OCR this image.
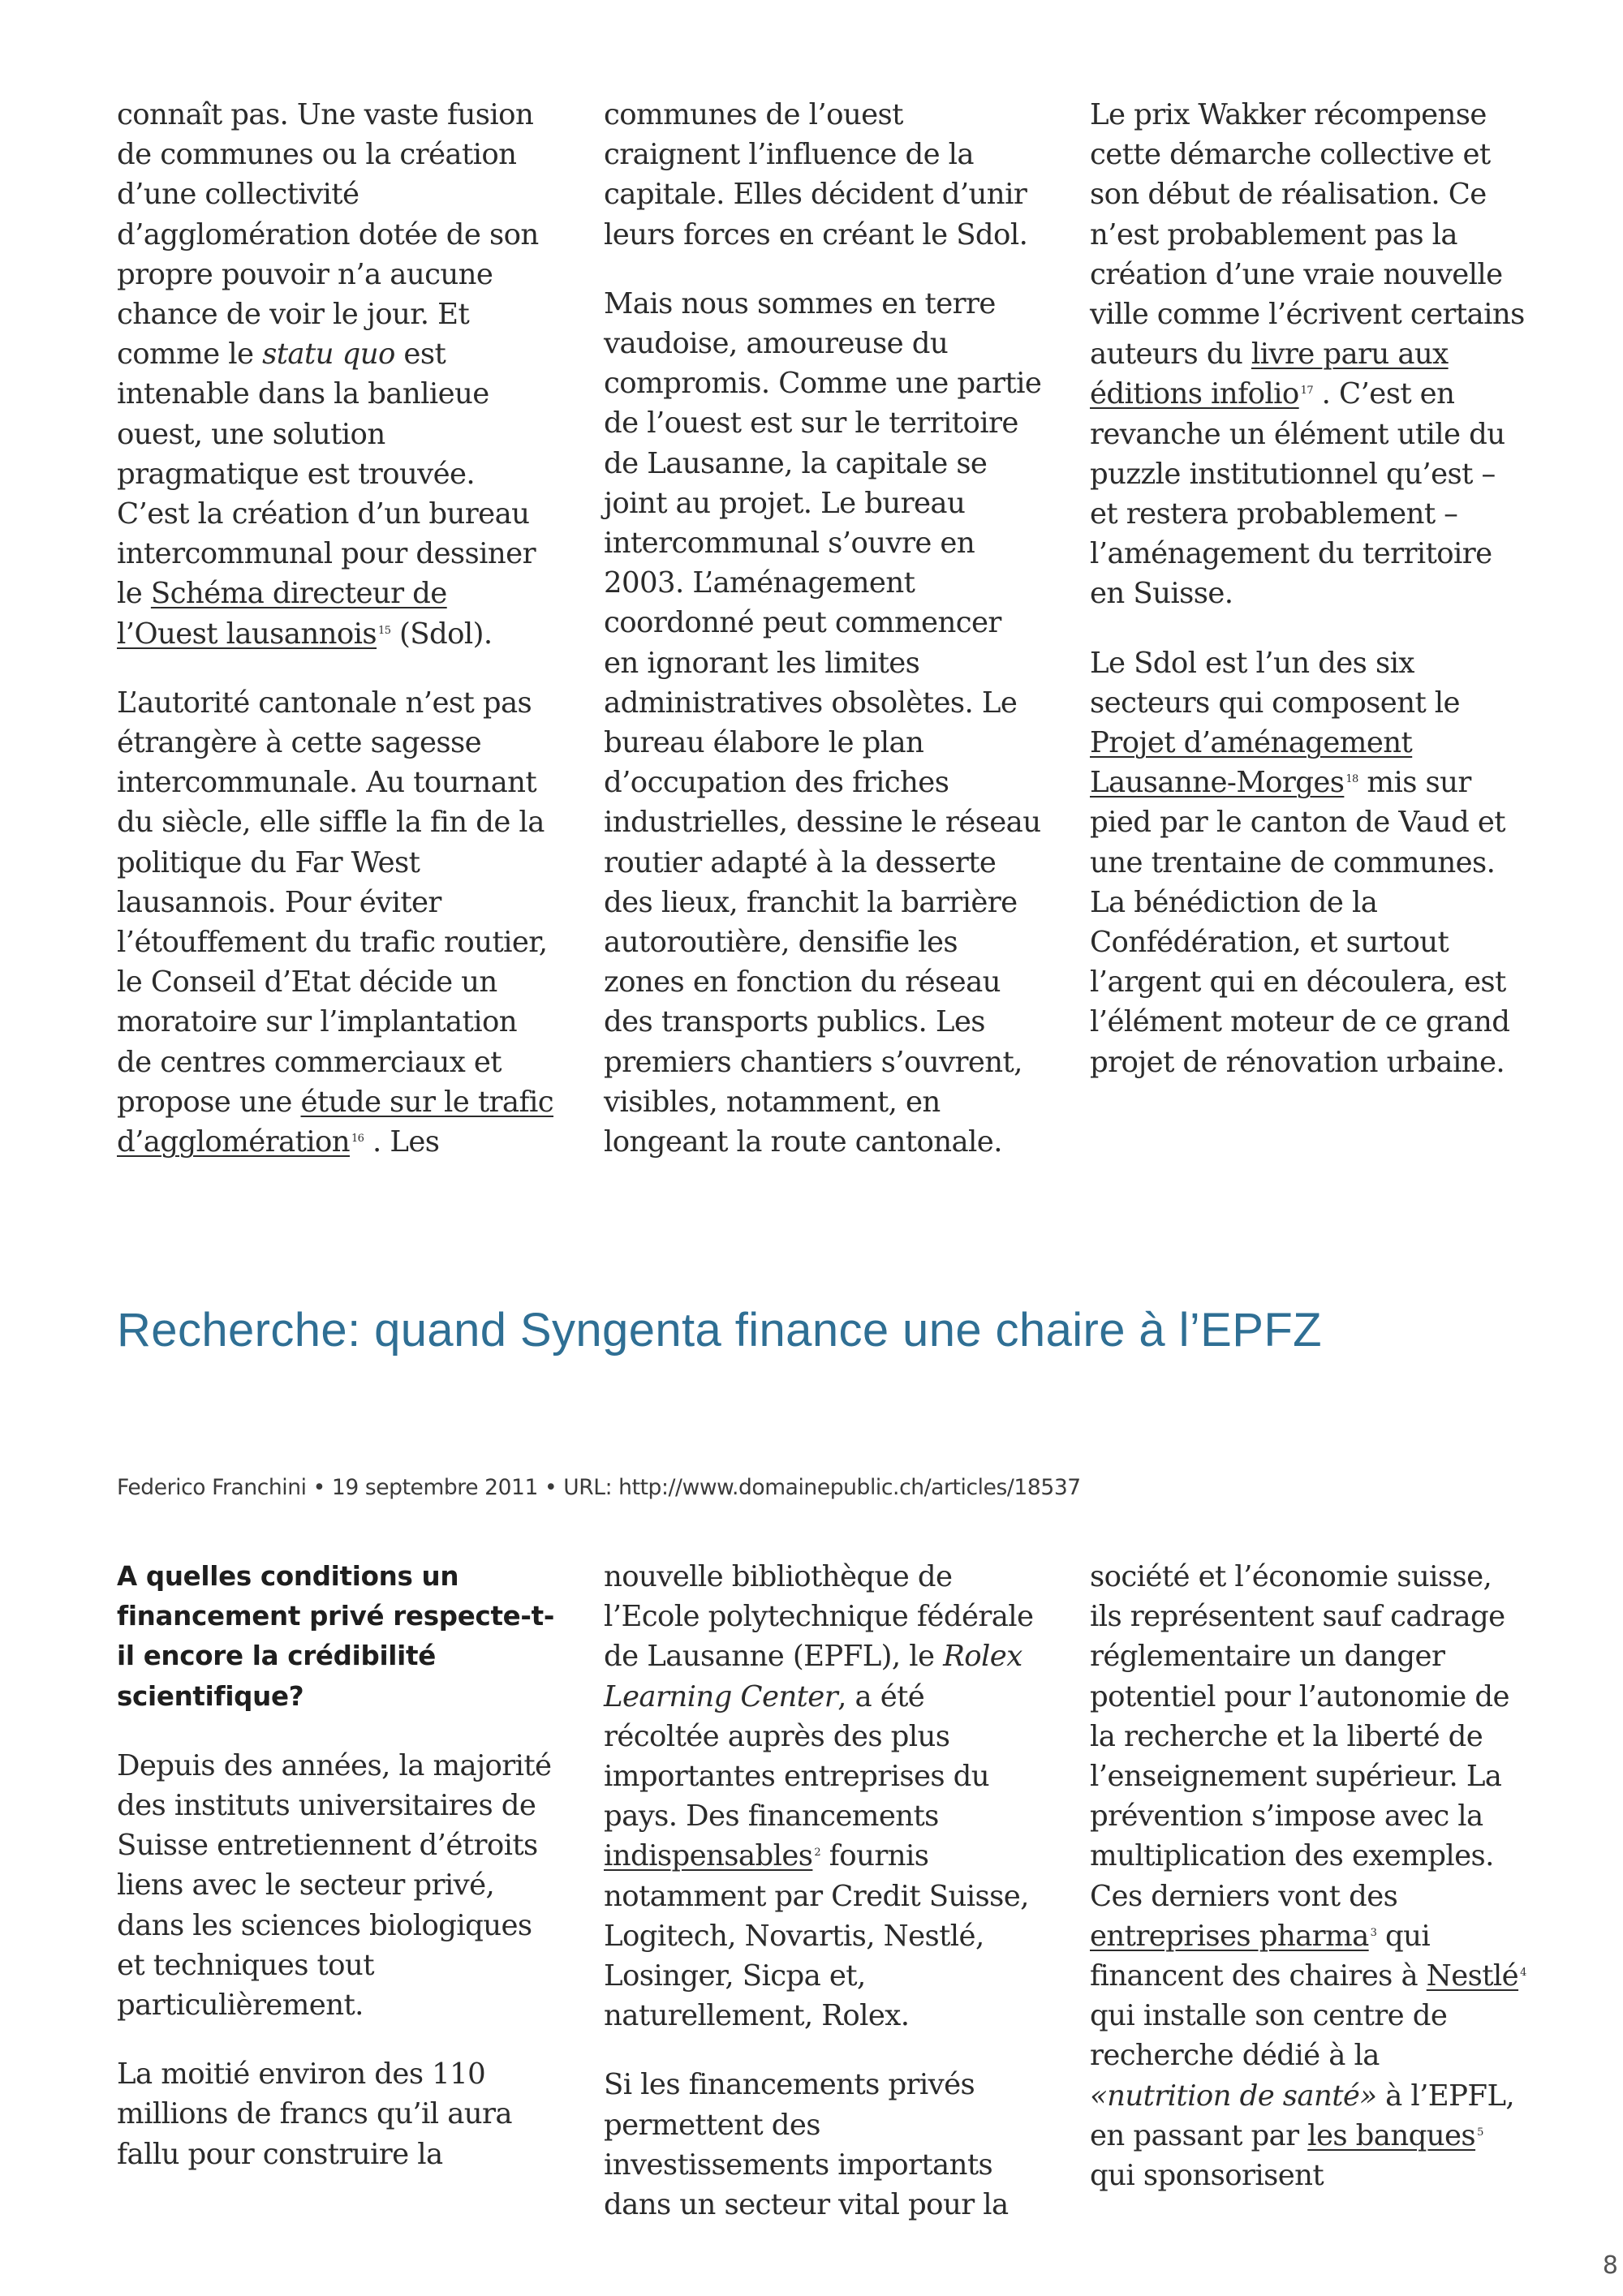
connaît pas. Une vaste fusion de communes ou la création d’une collectivité d’agglomération dotée de son propre pouvoir n’a aucune chance de voir le jour. Et comme le statu quo est intenable dans la banlieue ouest, une solution pragmatique est trouvée. C’est la création d’un bureau intercommunal pour dessiner le Schéma directeur de l’Ouest lausannois $^{15}$ (Sdol).

L’autorité cantonale n’est pas étrangère à cette sagesse intercommunale. Au tournant du siècle, elle siffle la fin de la politique du Far West lausannois. Pour éviter l’étouffement du trafic routier, le Conseil d’Etat décide un moratoire sur l’implantation de centres commerciaux et propose une étude sur le trafic d’agglomération $^{16}$ . Les

communes de l’ouest craignent l’influence de la capitale. Elles décident d’unir leurs forces en créant le Sdol.

Mais nous sommes en terre vaudoise, amoureuse du compromis. Comme une partie de l’ouest est sur le territoire de Lausanne, la capitale se joint au projet. Le bureau intercommunal s’ouvre en 2003. L’aménagement coordonné peut commencer en ignorant les limites administratives obsolètes. Le bureau élabore le plan d’occupation des friches industrielles, dessine le réseau routier adapté à la desserte des lieux, franchit la barrière autoroutière, densifie les zones en fonction du réseau des transports publics. Les premiers chantiers s’ouvrent, visibles, notamment, en longeant la route cantonale.

Le prix Wakker récompense cette démarche collective et son début de réalisation. Ce n’est probablement pas la création d’une vraie nouvelle ville comme l’écrivent certains auteurs du livre paru aux éditions infolio $^{17}$ . C’est en revanche un élément utile du puzzle institutionnel qu’est – et restera probablement – l’aménagement du territoire en Suisse.

Le Sdol est l’un des six secteurs qui composent le Projet d’aménagement Lausanne-Morges $^{18}$ mis sur pied par le canton de Vaud et une trentaine de communes. La bénédiction de la Confédération, et surtout l’argent qui en découlera, est l’élément moteur de ce grand projet de rénovation urbaine.

Recherche: quand Syngenta finance une chaire à l’EPFZ
Federico Franchini • 19 septembre 2011 • URL: http://www.domainepublic.ch/articles/18537

A quelles conditions un financement privé respecte-t-il encore la crédibilité scientifique?

Depuis des années, la majorité des instituts universitaires de Suisse entretiennent d’étroits liens avec le secteur privé, dans les sciences biologiques et techniques tout particulièrement.

La moitié environ des 110 millions de francs qu’il aura fallu pour construire la

nouvelle bibliothèque de l’Ecole polytechnique fédérale de Lausanne (EPFL), le Rolex Learning Center, a été récoltée auprès des plus importantes entreprises du pays. Des financements indispensables $^2$ fournis notamment par Credit Suisse, Logitech, Novartis, Nestlé, Losinger, Sicpa et, naturellement, Rolex.

Si les financements privés permettent des investissements importants dans un secteur vital pour la

société et l’économie suisse, ils représentent sauf cadrage réglementaire un danger potentiel pour l’autonomie de la recherche et la liberté de l’enseignement supérieur. La prévention s’impose avec la multiplication des exemples. Ces derniers vont des entreprises pharma $^3$ qui financent des chaires à Nestlé $^4$ qui installe son centre de recherche dédié à la «nutrition de santé» à l’EPFL, en passant par les banques $^5$ qui sponsorisent

8
